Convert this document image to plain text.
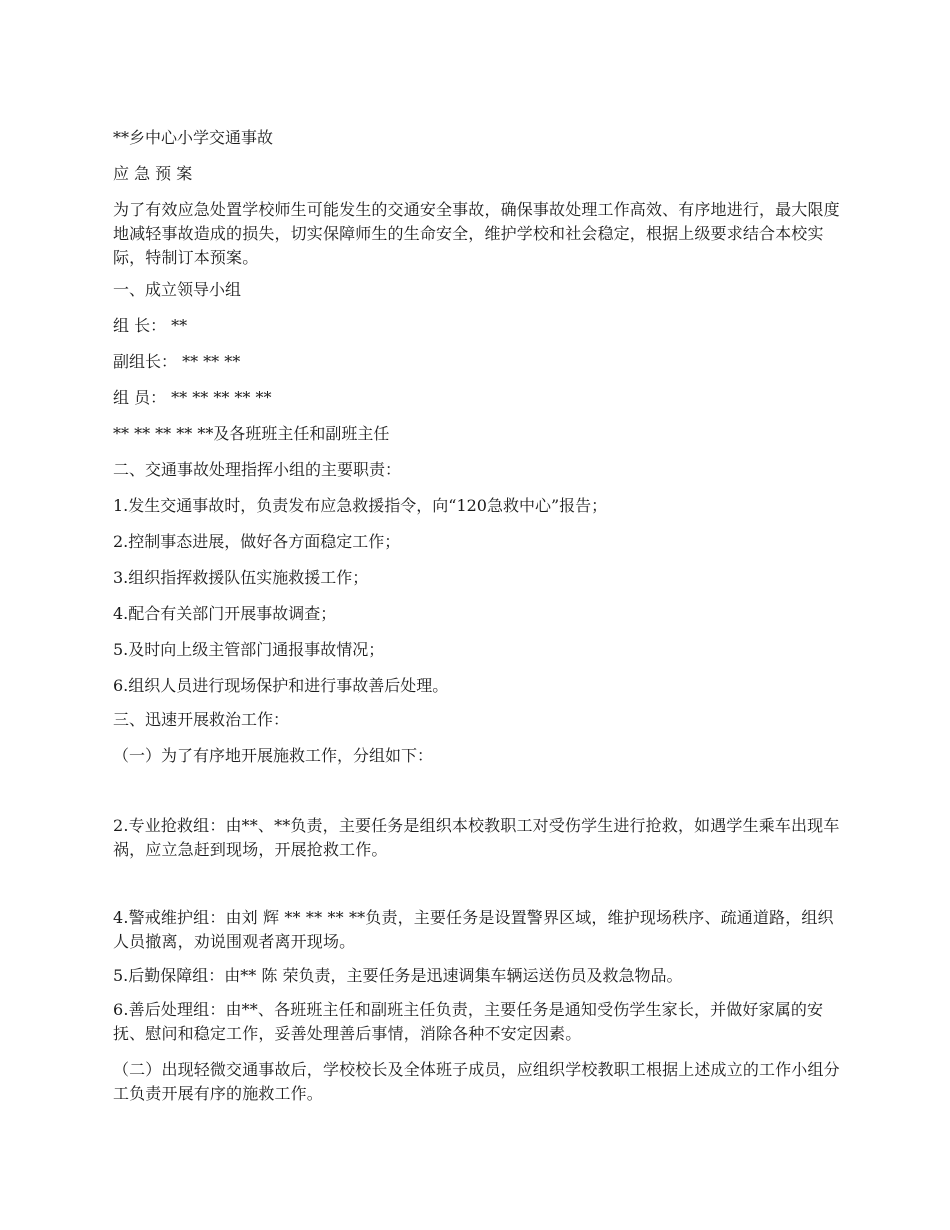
**乡中心小学交通事故

应 急 预 案

为了有效应急处置学校师生可能发生的交通安全事故，确保事故处理工作高效、有序地进行，最大限度地减轻事故造成的损失，切实保障师生的生命安全，维护学校和社会稳定，根据上级要求结合本校实际，特制订本预案。

一、成立领导小组

组 长： **

副组长： ** ** **

组 员： ** ** ** ** **

** ** ** ** **及各班班主任和副班主任

二、交通事故处理指挥小组的主要职责：

1.发生交通事故时，负责发布应急救援指令，向“120急救中心”报告；

2.控制事态进展，做好各方面稳定工作；

3.组织指挥救援队伍实施救援工作；

4.配合有关部门开展事故调查；

5.及时向上级主管部门通报事故情况；

6.组织人员进行现场保护和进行事故善后处理。

三、迅速开展救治工作：

（一）为了有序地开展施救工作，分组如下：

2.专业抢救组：由**、**负责，主要任务是组织本校教职工对受伤学生进行抢救，如遇学生乘车出现车祸，应立急赶到现场，开展抢救工作。

4.警戒维护组：由刘 辉 ** ** ** **负责，主要任务是设置警界区域，维护现场秩序、疏通道路，组织人员撤离，劝说围观者离开现场。

5.后勤保障组：由** 陈 荣负责，主要任务是迅速调集车辆运送伤员及救急物品。

6.善后处理组：由**、各班班主任和副班主任负责，主要任务是通知受伤学生家长，并做好家属的安抚、慰问和稳定工作，妥善处理善后事情，消除各种不安定因素。

（二）出现轻微交通事故后，学校校长及全体班子成员，应组织学校教职工根据上述成立的工作小组分工负责开展有序的施救工作。
